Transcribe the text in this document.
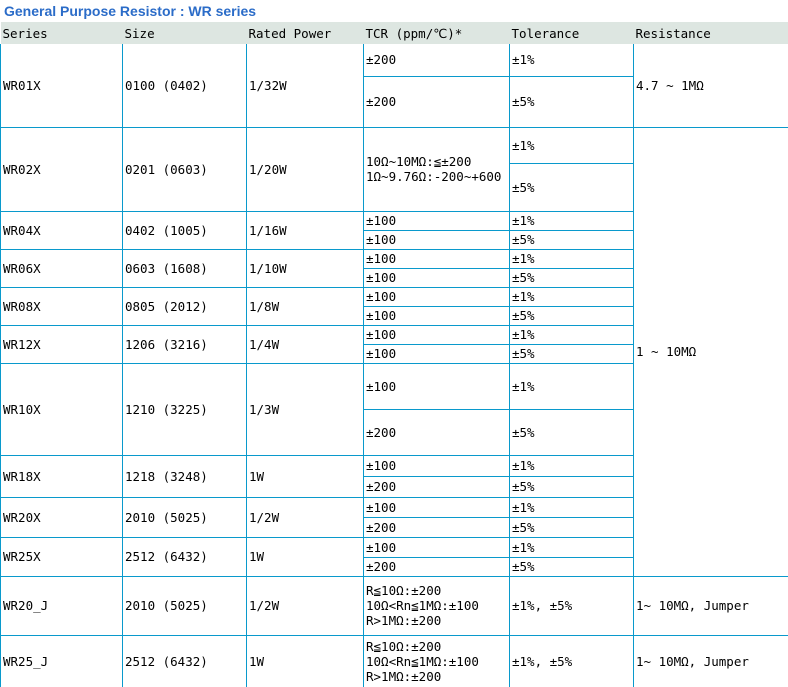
General Purpose Resistor : WR series
Series	Size	Rated Power	TCR (ppm/℃)*	Tolerance	Resistance
WR01X	0100 (0402)	1/32W	±200	±1%	4.7 ~ 1MΩ
			±200	±5%	
WR02X	0201 (0603)	1/20W	10Ω~10MΩ:≦±200
1Ω~9.76Ω:-200~+600	±1%	1 ~ 10MΩ
				±5%	
WR04X	0402 (1005)	1/16W	±100	±1%	
			±100	±5%	
WR06X	0603 (1608)	1/10W	±100	±1%	
			±100	±5%	
WR08X	0805 (2012)	1/8W	±100	±1%	
			±100	±5%	
WR12X	1206 (3216)	1/4W	±100	±1%	
			±100	±5%	
WR10X	1210 (3225)	1/3W	±100	±1%	
			±200	±5%	
WR18X	1218 (3248)	1W	±100	±1%	
			±200	±5%	
WR20X	2010 (5025)	1/2W	±100	±1%	
			±200	±5%	
WR25X	2512 (6432)	1W	±100	±1%	
			±200	±5%	
WR20_J	2010 (5025)	1/2W	R≦10Ω:±200
10Ω<Rn≦1MΩ:±100
R>1MΩ:±200	±1%, ±5%	1~ 10MΩ, Jumper
WR25_J	2512 (6432)	1W	R≦10Ω:±200
10Ω<Rn≦1MΩ:±100
R>1MΩ:±200	±1%, ±5%	1~ 10MΩ, Jumper
